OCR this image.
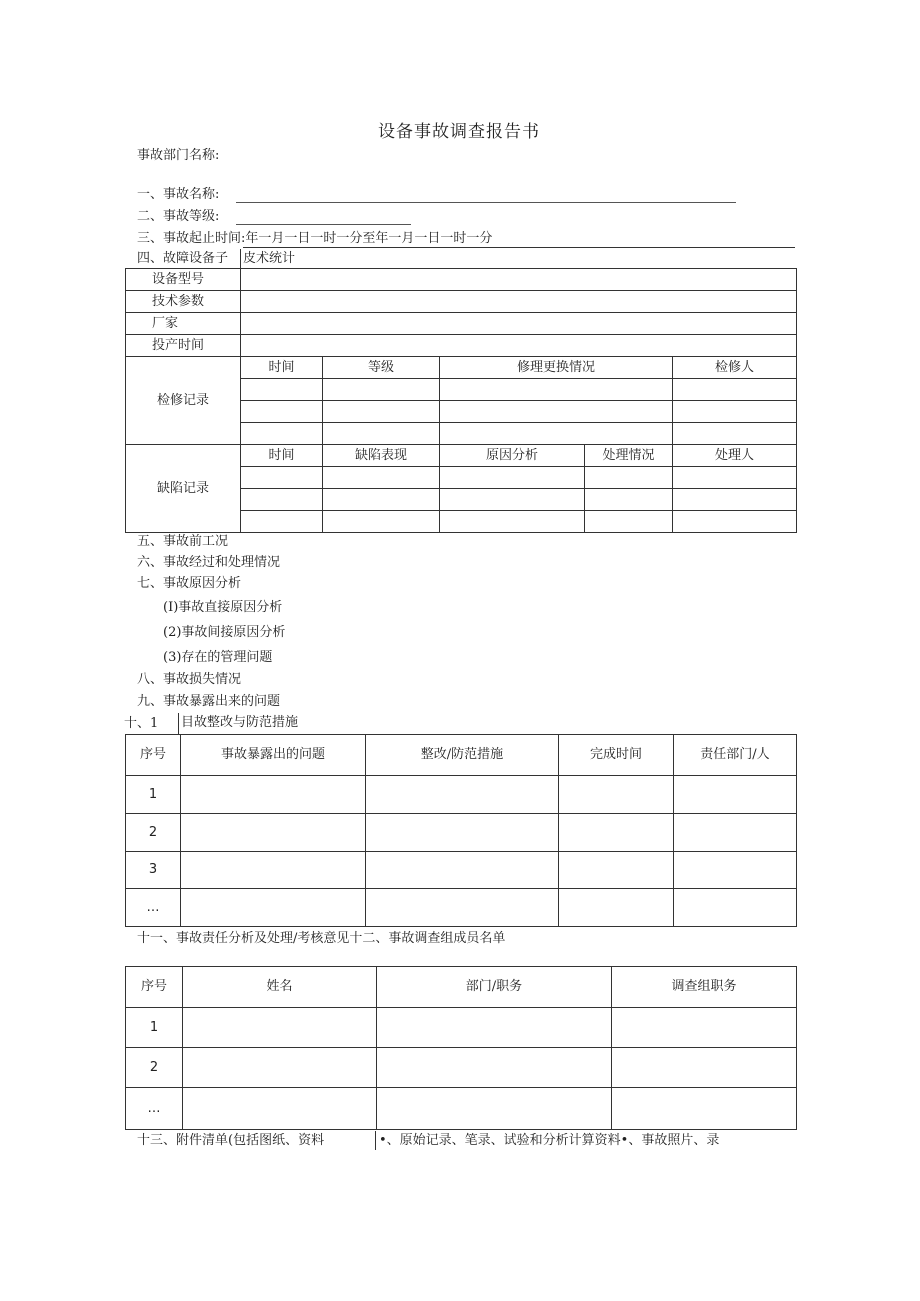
设备事故调查报告书
事故部门名称:
一、事故名称:
二、事故等级:
三、事故起止时间:年一月一日一时一分至年一月一日一时一分
四、故障设备子 皮术统计
设备型号					
技术参数					
厂家					
投产时间					
检修记录	时间	等级	修理更换情况		检修人

缺陷记录	时间	缺陷表现	原因分析	处理情况	处理人

五、事故前工况
六、事故经过和处理情况
七、事故原因分析
(I)事故直接原因分析
(2)事故间接原因分析
(3)存在的管理问题
八、事故损失情况
九、事故暴露出来的问题
十、1 目故整改与防范措施
序号	事故暴露出的问题	整改/防范措施	完成时间	责任部门/人
1				
2				
3				
…				
十一、事故责任分析及处理/考核意见十二、事故调查组成员名单
序号	姓名	部门/职务	调查组职务
1			
2			
…			
十三、附件清单(包括图纸、资料	•、原始记录、笔录、试验和分析计算资料•、事故照片、录
